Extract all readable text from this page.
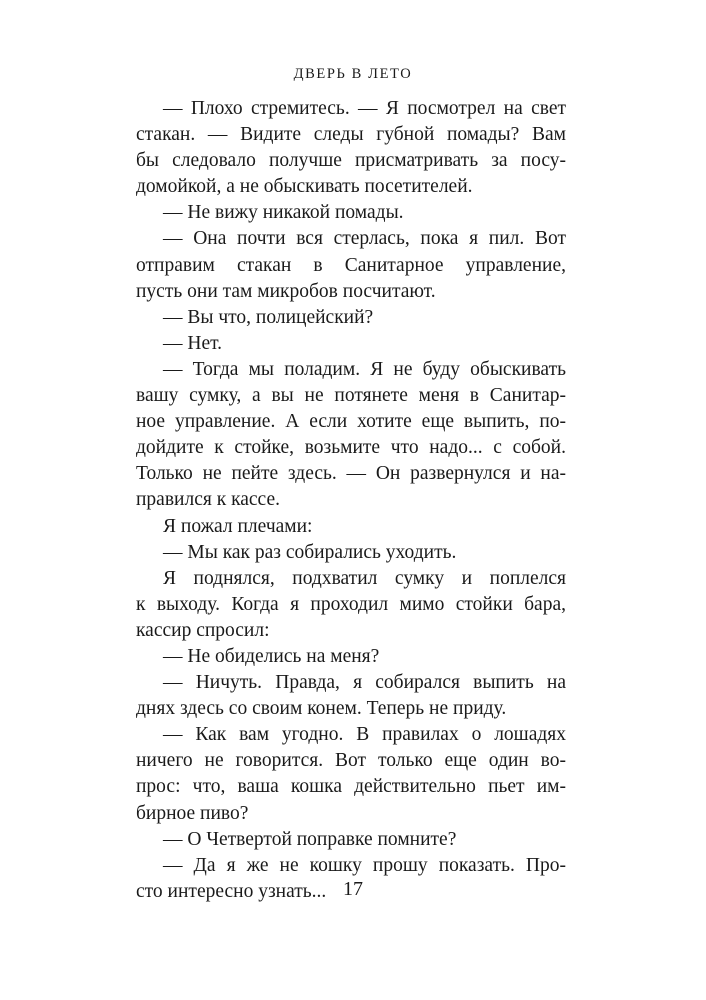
ДВЕРЬ В ЛЕТО
— Плохо стремитесь. — Я посмотрел на свет
стакан. — Видите следы губной помады? Вам
бы следовало получше присматривать за посу-
домойкой, а не обыскивать посетителей.
— Не вижу никакой помады.
— Она почти вся стерлась, пока я пил. Вот
отправим стакан в Санитарное управление,
пусть они там микробов посчитают.
— Вы что, полицейский?
— Нет.
— Тогда мы поладим. Я не буду обыскивать
вашу сумку, а вы не потянете меня в Санитар-
ное управление. А если хотите еще выпить, по-
дойдите к стойке, возьмите что надо... с собой.
Только не пейте здесь. — Он развернулся и на-
правился к кассе.
Я пожал плечами:
— Мы как раз собирались уходить.
Я поднялся, подхватил сумку и поплелся
к выходу. Когда я проходил мимо стойки бара,
кассир спросил:
— Не обиделись на меня?
— Ничуть. Правда, я собирался выпить на
днях здесь со своим конем. Теперь не приду.
— Как вам угодно. В правилах о лошадях
ничего не говорится. Вот только еще один во-
прос: что, ваша кошка действительно пьет им-
бирное пиво?
— О Четвертой поправке помните?
— Да я же не кошку прошу показать. Про-
сто интересно узнать... 17
